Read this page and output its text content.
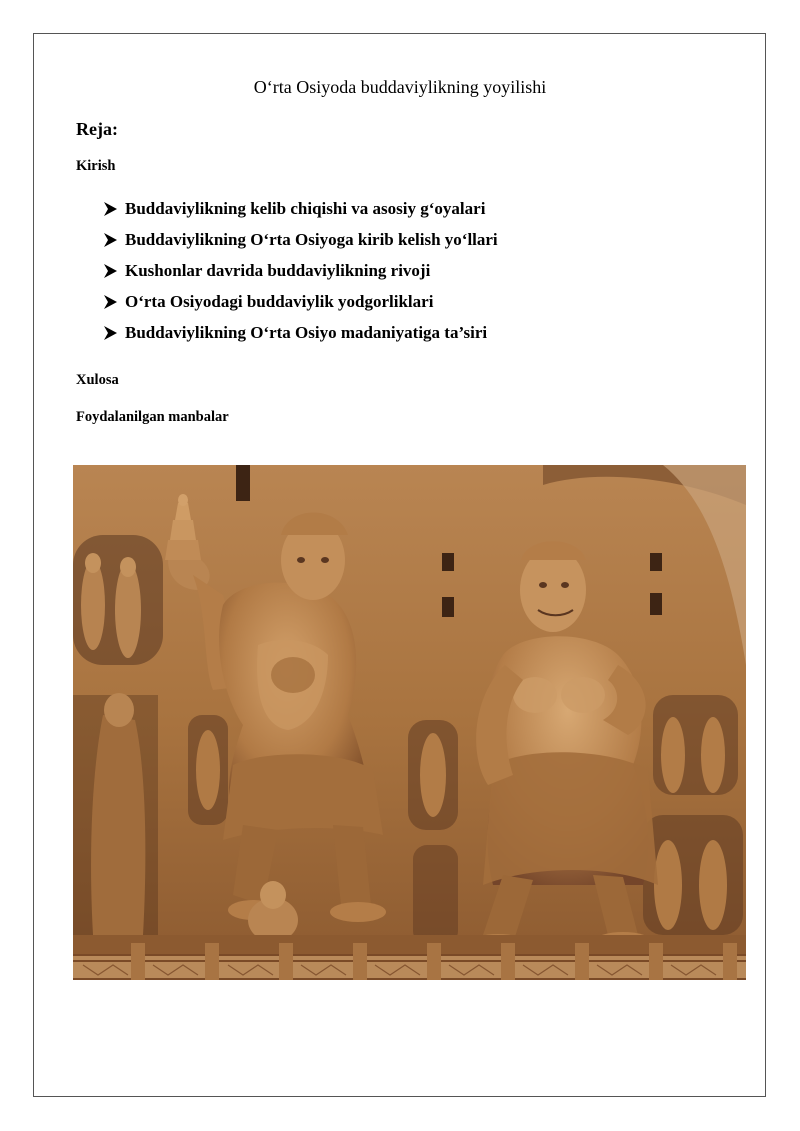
O‘rta Osiyoda buddaviylikning yoyilishi
Reja:
Kirish
Buddaviylikning kelib chiqishi va asosiy g‘oyalari
Buddaviylikning O‘rta Osiyoga kirib kelish yo‘llari
Kushonlar davrida buddaviylikning rivoji
O‘rta Osiyodagi buddaviylik yodgorliklari
Buddaviylikning O‘rta Osiyo madaniyatiga ta’siri
Xulosa
Foydalanilgan manbalar
